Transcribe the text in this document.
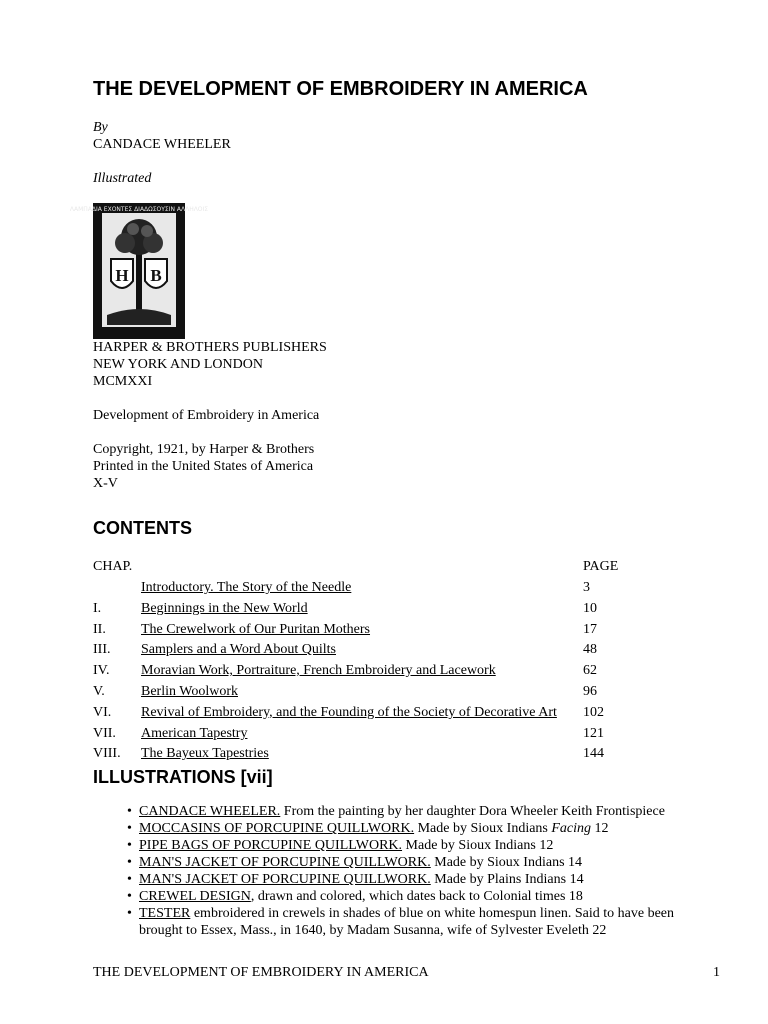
THE DEVELOPMENT OF EMBROIDERY IN AMERICA
By
CANDACE WHEELER
Illustrated
H B
ΛΑΜΠΑΔΙΑ ΕΧΟΝΤΕΣ ΔΙΑΔΩΣΟΥΣΙΝ ΑΛΛΗΛΟΙΣ
HARPER & BROTHERS PUBLISHERS
NEW YORK AND LONDON
MCMXXI
Development of Embroidery in America
Copyright, 1921, by Harper & Brothers
Printed in the United States of America
X-V
CONTENTS
CHAP.	PAGE
Introductory. The Story of the Needle	3
I.	Beginnings in the New World	10
II.	The Crewelwork of Our Puritan Mothers	17
III. Samplers and a Word About Quilts	48
IV. Moravian Work, Portraiture, French Embroidery and Lacework	62
V.	Berlin Woolwork	96
VI. Revival of Embroidery, and the Founding of the Society of Decorative Art 102
VII. American Tapestry	121
VIII. The Bayeux Tapestries	144
ILLUSTRATIONS [vii]
• CANDACE WHEELER. From the painting by her daughter Dora Wheeler Keith Frontispiece
• MOCCASINS OF PORCUPINE QUILLWORK. Made by Sioux Indians Facing 12
• PIPE BAGS OF PORCUPINE QUILLWORK. Made by Sioux Indians 12
• MAN'S JACKET OF PORCUPINE QUILLWORK. Made by Sioux Indians 14
• MAN'S JACKET OF PORCUPINE QUILLWORK. Made by Plains Indians 14
• CREWEL DESIGN, drawn and colored, which dates back to Colonial times 18
• TESTER embroidered in crewels in shades of blue on white homespun linen. Said to have been brought to Essex, Mass., in 1640, by Madam Susanna, wife of Sylvester Eveleth 22
THE DEVELOPMENT OF EMBROIDERY IN AMERICA	1
